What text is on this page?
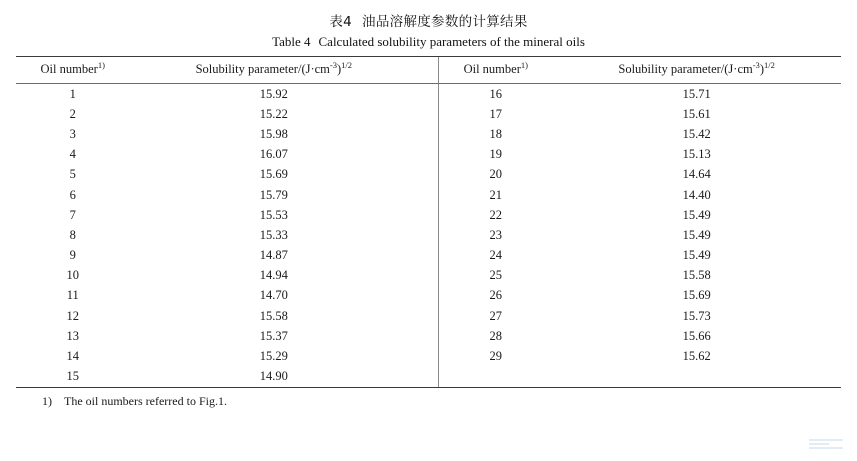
表4 油品溶解度参数的计算结果
Table 4 Calculated solubility parameters of the mineral oils
Oil number$^{1)}$	Solubility parameter/$(J\cdot cm^{-3})^{1/2}$		Oil number$^{1)}$	Solubility parameter/$(J\cdot cm^{-3})^{1/2}$
1	15.92		16	15.71
2	15.22		17	15.61
3	15.98		18	15.42
4	16.07		19	15.13
5	15.69		20	14.64
6	15.79		21	14.40
7	15.53		22	15.49
8	15.33		23	15.49
9	14.87		24	15.49
10	14.94		25	15.58
11	14.70		26	15.69
12	15.58		27	15.73
13	15.37		28	15.66
14	15.29		29	15.62
15	14.90			
1) The oil numbers referred to Fig.1.
